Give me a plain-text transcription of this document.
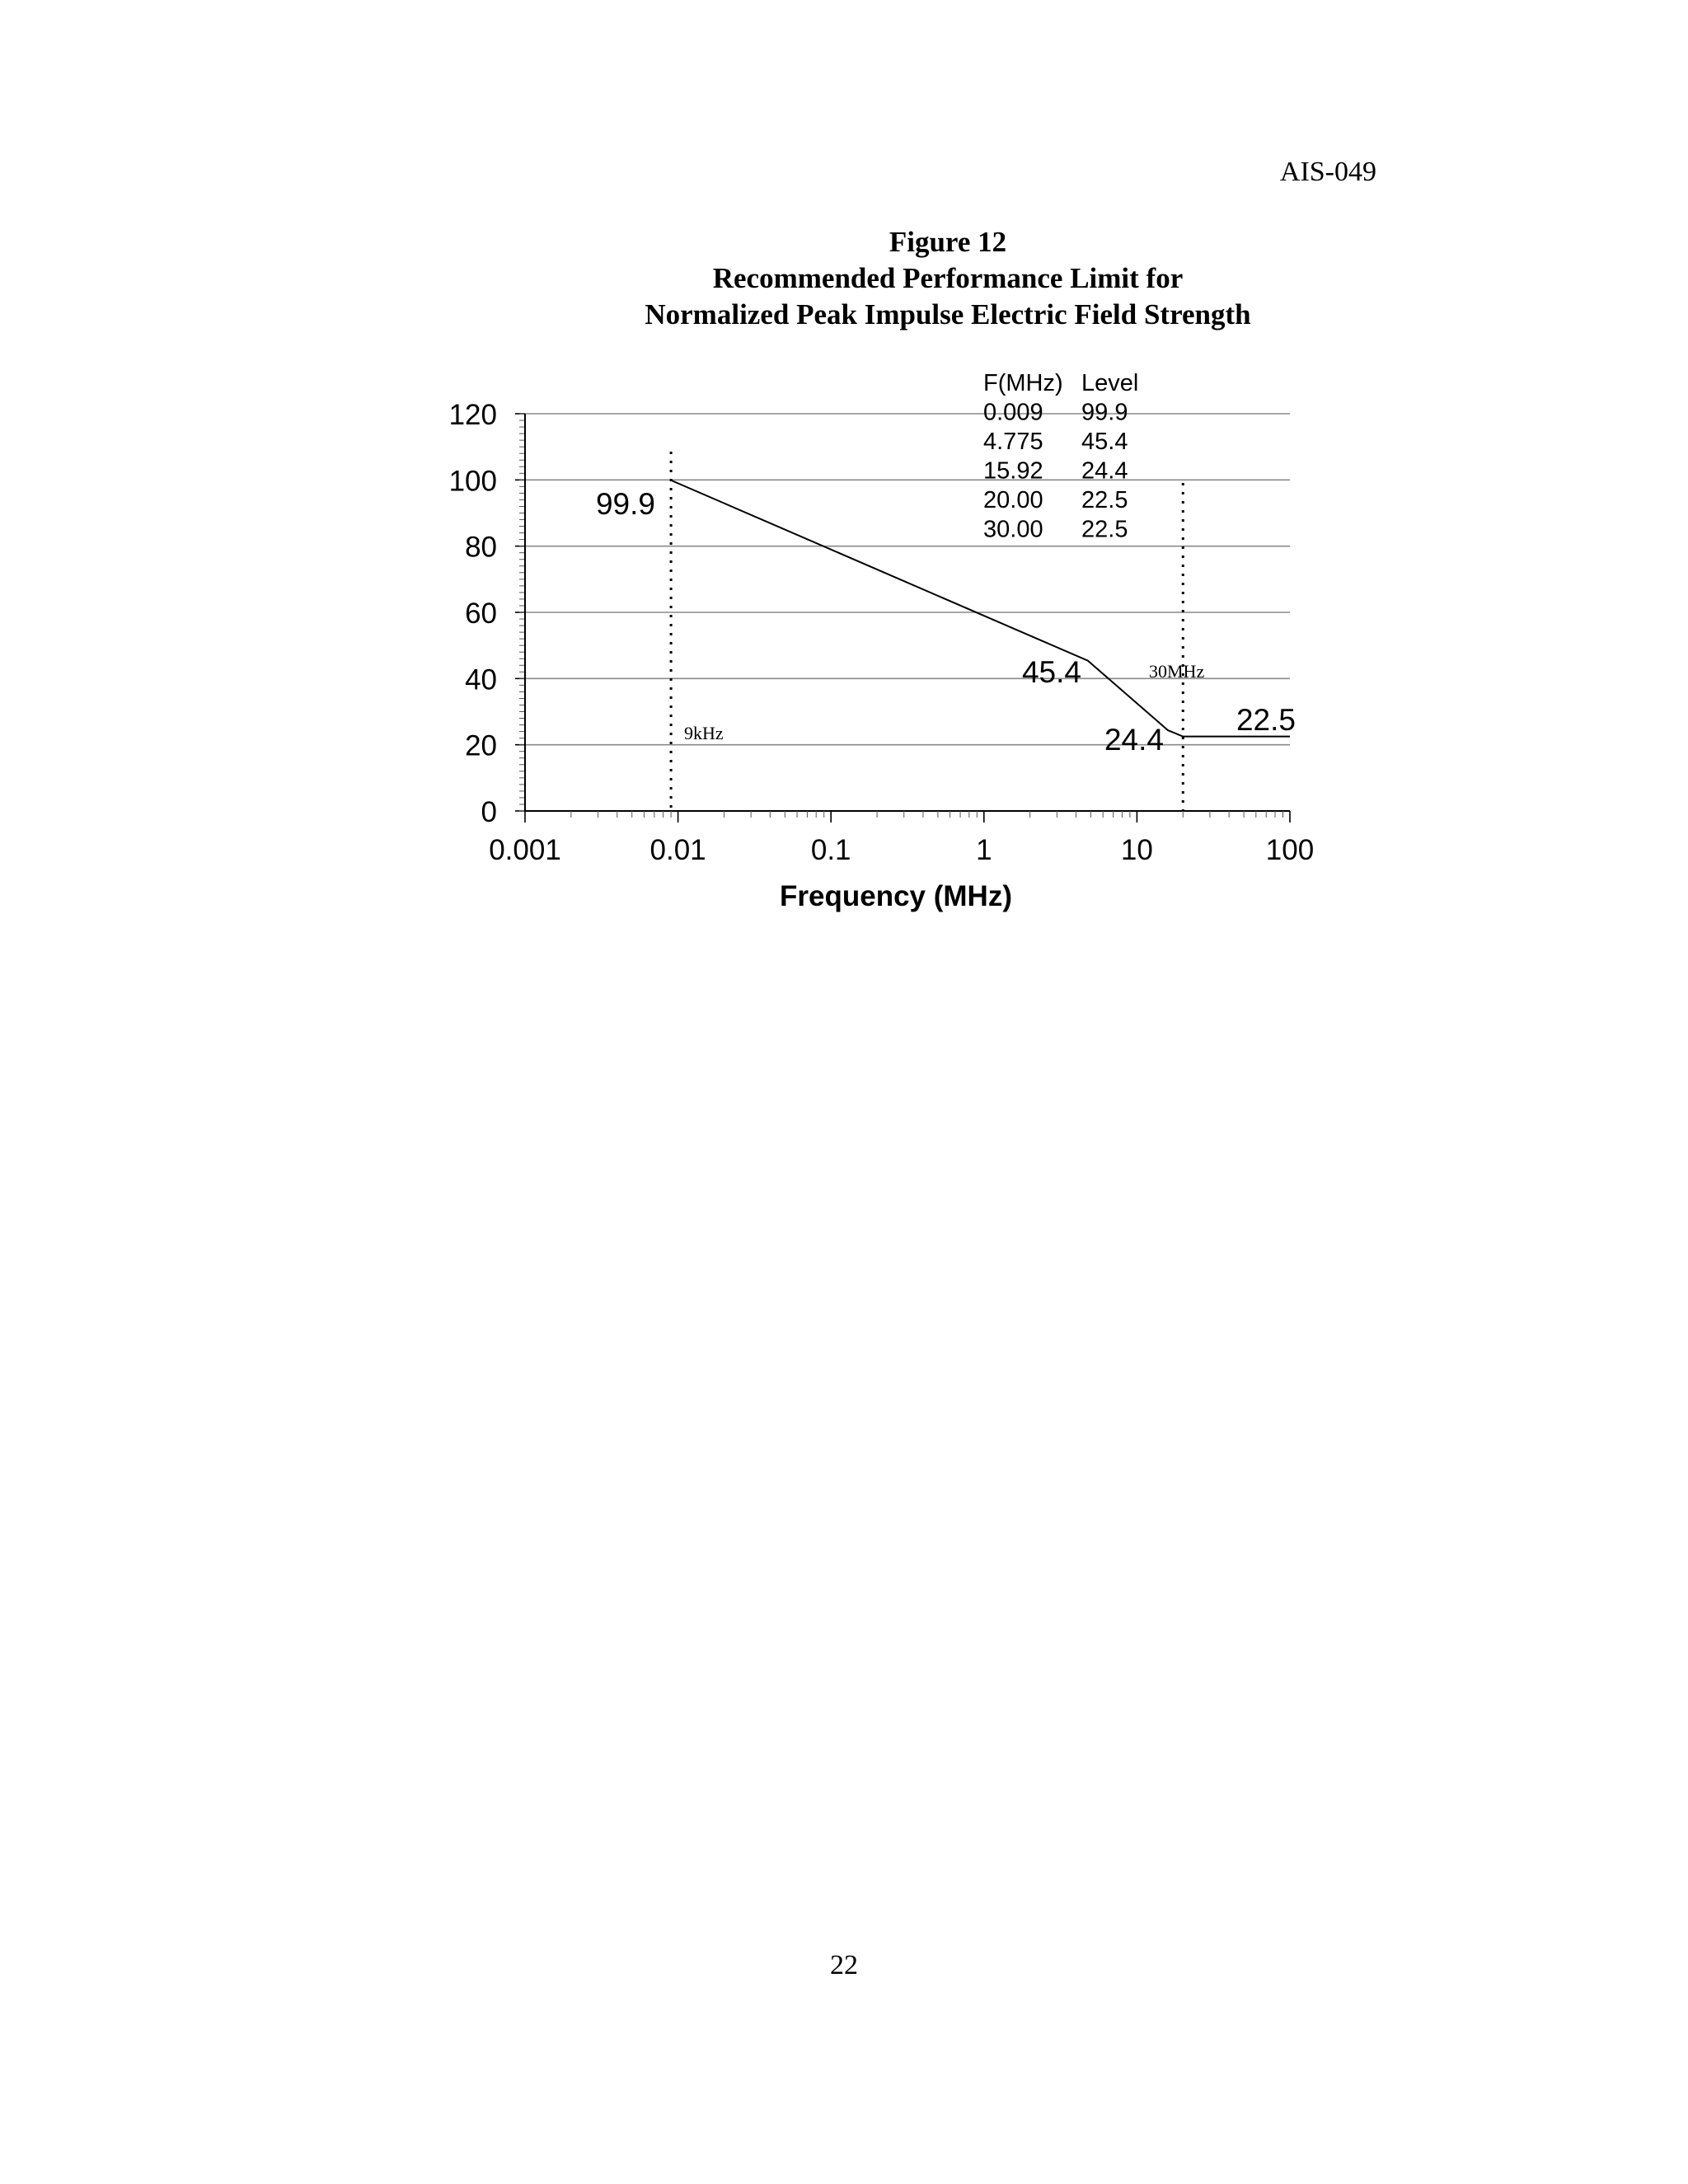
AIS-049
Figure 12
Recommended Performance Limit for
Normalized Peak Impulse Electric Field Strength
0
20
40
60
80
100
120
0.001	0.01	0.1	1	10	100
9kHz
30MHz
99.9
45.4
24.4
22.5
F(MHz) Level
0.009 99.9
4.775 45.4
15.92 24.4
20.00 22.5
30.00 22.5
Frequency (MHz)
22
